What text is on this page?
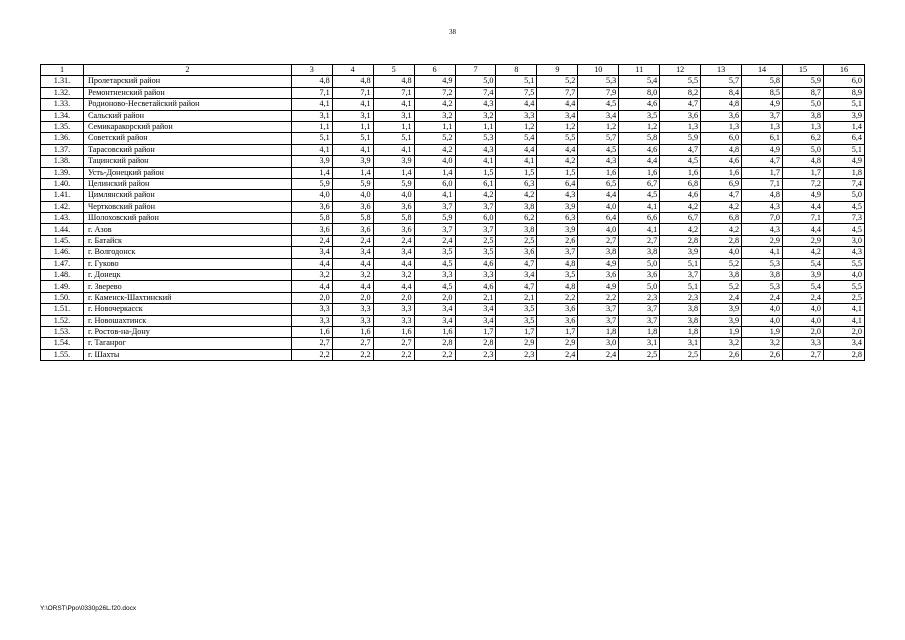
38
1	2	3	4	5	6	7	8	9	10	11	12	13	14	15	16
1.31.	Пролетарский район	4,8	4,8	4,8	4,9	5,0	5,1	5,2	5,3	5,4	5,5	5,7	5,8	5,9	6,0
1.32.	Ремонтненский район	7,1	7,1	7,1	7,2	7,4	7,5	7,7	7,9	8,0	8,2	8,4	8,5	8,7	8,9
1.33.	Родионово-Несветайский район	4,1	4,1	4,1	4,2	4,3	4,4	4,4	4,5	4,6	4,7	4,8	4,9	5,0	5,1
1.34.	Сальский район	3,1	3,1	3,1	3,2	3,2	3,3	3,4	3,4	3,5	3,6	3,6	3,7	3,8	3,9
1.35.	Семикаракорский район	1,1	1,1	1,1	1,1	1,1	1,2	1,2	1,2	1,2	1,3	1,3	1,3	1,3	1,4
1.36.	Советский район	5,1	5,1	5,1	5,2	5,3	5,4	5,5	5,7	5,8	5,9	6,0	6,1	6,2	6,4
1.37.	Тарасовский район	4,1	4,1	4,1	4,2	4,3	4,4	4,4	4,5	4,6	4,7	4,8	4,9	5,0	5,1
1.38.	Тацинский район	3,9	3,9	3,9	4,0	4,1	4,1	4,2	4,3	4,4	4,5	4,6	4,7	4,8	4,9
1.39.	Усть-Донецкий район	1,4	1,4	1,4	1,4	1,5	1,5	1,5	1,6	1,6	1,6	1,6	1,7	1,7	1,8
1.40.	Целинский район	5,9	5,9	5,9	6,0	6,1	6,3	6,4	6,5	6,7	6,8	6,9	7,1	7,2	7,4
1.41.	Цимлянский район	4,0	4,0	4,0	4,1	4,2	4,2	4,3	4,4	4,5	4,6	4,7	4,8	4,9	5,0
1.42.	Чертковский район	3,6	3,6	3,6	3,7	3,7	3,8	3,9	4,0	4,1	4,2	4,2	4,3	4,4	4,5
1.43.	Шолоховский район	5,8	5,8	5,8	5,9	6,0	6,2	6,3	6,4	6,6	6,7	6,8	7,0	7,1	7,3
1.44.	г. Азов	3,6	3,6	3,6	3,7	3,7	3,8	3,9	4,0	4,1	4,2	4,2	4,3	4,4	4,5
1.45.	г. Батайск	2,4	2,4	2,4	2,4	2,5	2,5	2,6	2,7	2,7	2,8	2,8	2,9	2,9	3,0
1.46.	г. Волгодонск	3,4	3,4	3,4	3,5	3,5	3,6	3,7	3,8	3,8	3,9	4,0	4,1	4,2	4,3
1.47.	г. Гуково	4,4	4,4	4,4	4,5	4,6	4,7	4,8	4,9	5,0	5,1	5,2	5,3	5,4	5,5
1.48.	г. Донецк	3,2	3,2	3,2	3,3	3,3	3,4	3,5	3,6	3,6	3,7	3,8	3,8	3,9	4,0
1.49.	г. Зверево	4,4	4,4	4,4	4,5	4,6	4,7	4,8	4,9	5,0	5,1	5,2	5,3	5,4	5,5
1.50.	г. Каменск-Шахтинский	2,0	2,0	2,0	2,0	2,1	2,1	2,2	2,2	2,3	2,3	2,4	2,4	2,4	2,5
1.51.	г. Новочеркасск	3,3	3,3	3,3	3,4	3,4	3,5	3,6	3,7	3,7	3,8	3,9	4,0	4,0	4,1
1.52.	г. Новошахтинск	3,3	3,3	3,3	3,4	3,4	3,5	3,6	3,7	3,7	3,8	3,9	4,0	4,0	4,1
1.53.	г. Ростов-на-Дону	1,6	1,6	1,6	1,6	1,7	1,7	1,7	1,8	1,8	1,8	1,9	1,9	2,0	2,0
1.54.	г. Таганрог	2,7	2,7	2,7	2,8	2,8	2,9	2,9	3,0	3,1	3,1	3,2	3,2	3,3	3,4
1.55.	г. Шахты	2,2	2,2	2,2	2,2	2,3	2,3	2,4	2,4	2,5	2,5	2,6	2,6	2,7	2,8
Y:\ORST\Ppo\0330p26L.f20.docx
